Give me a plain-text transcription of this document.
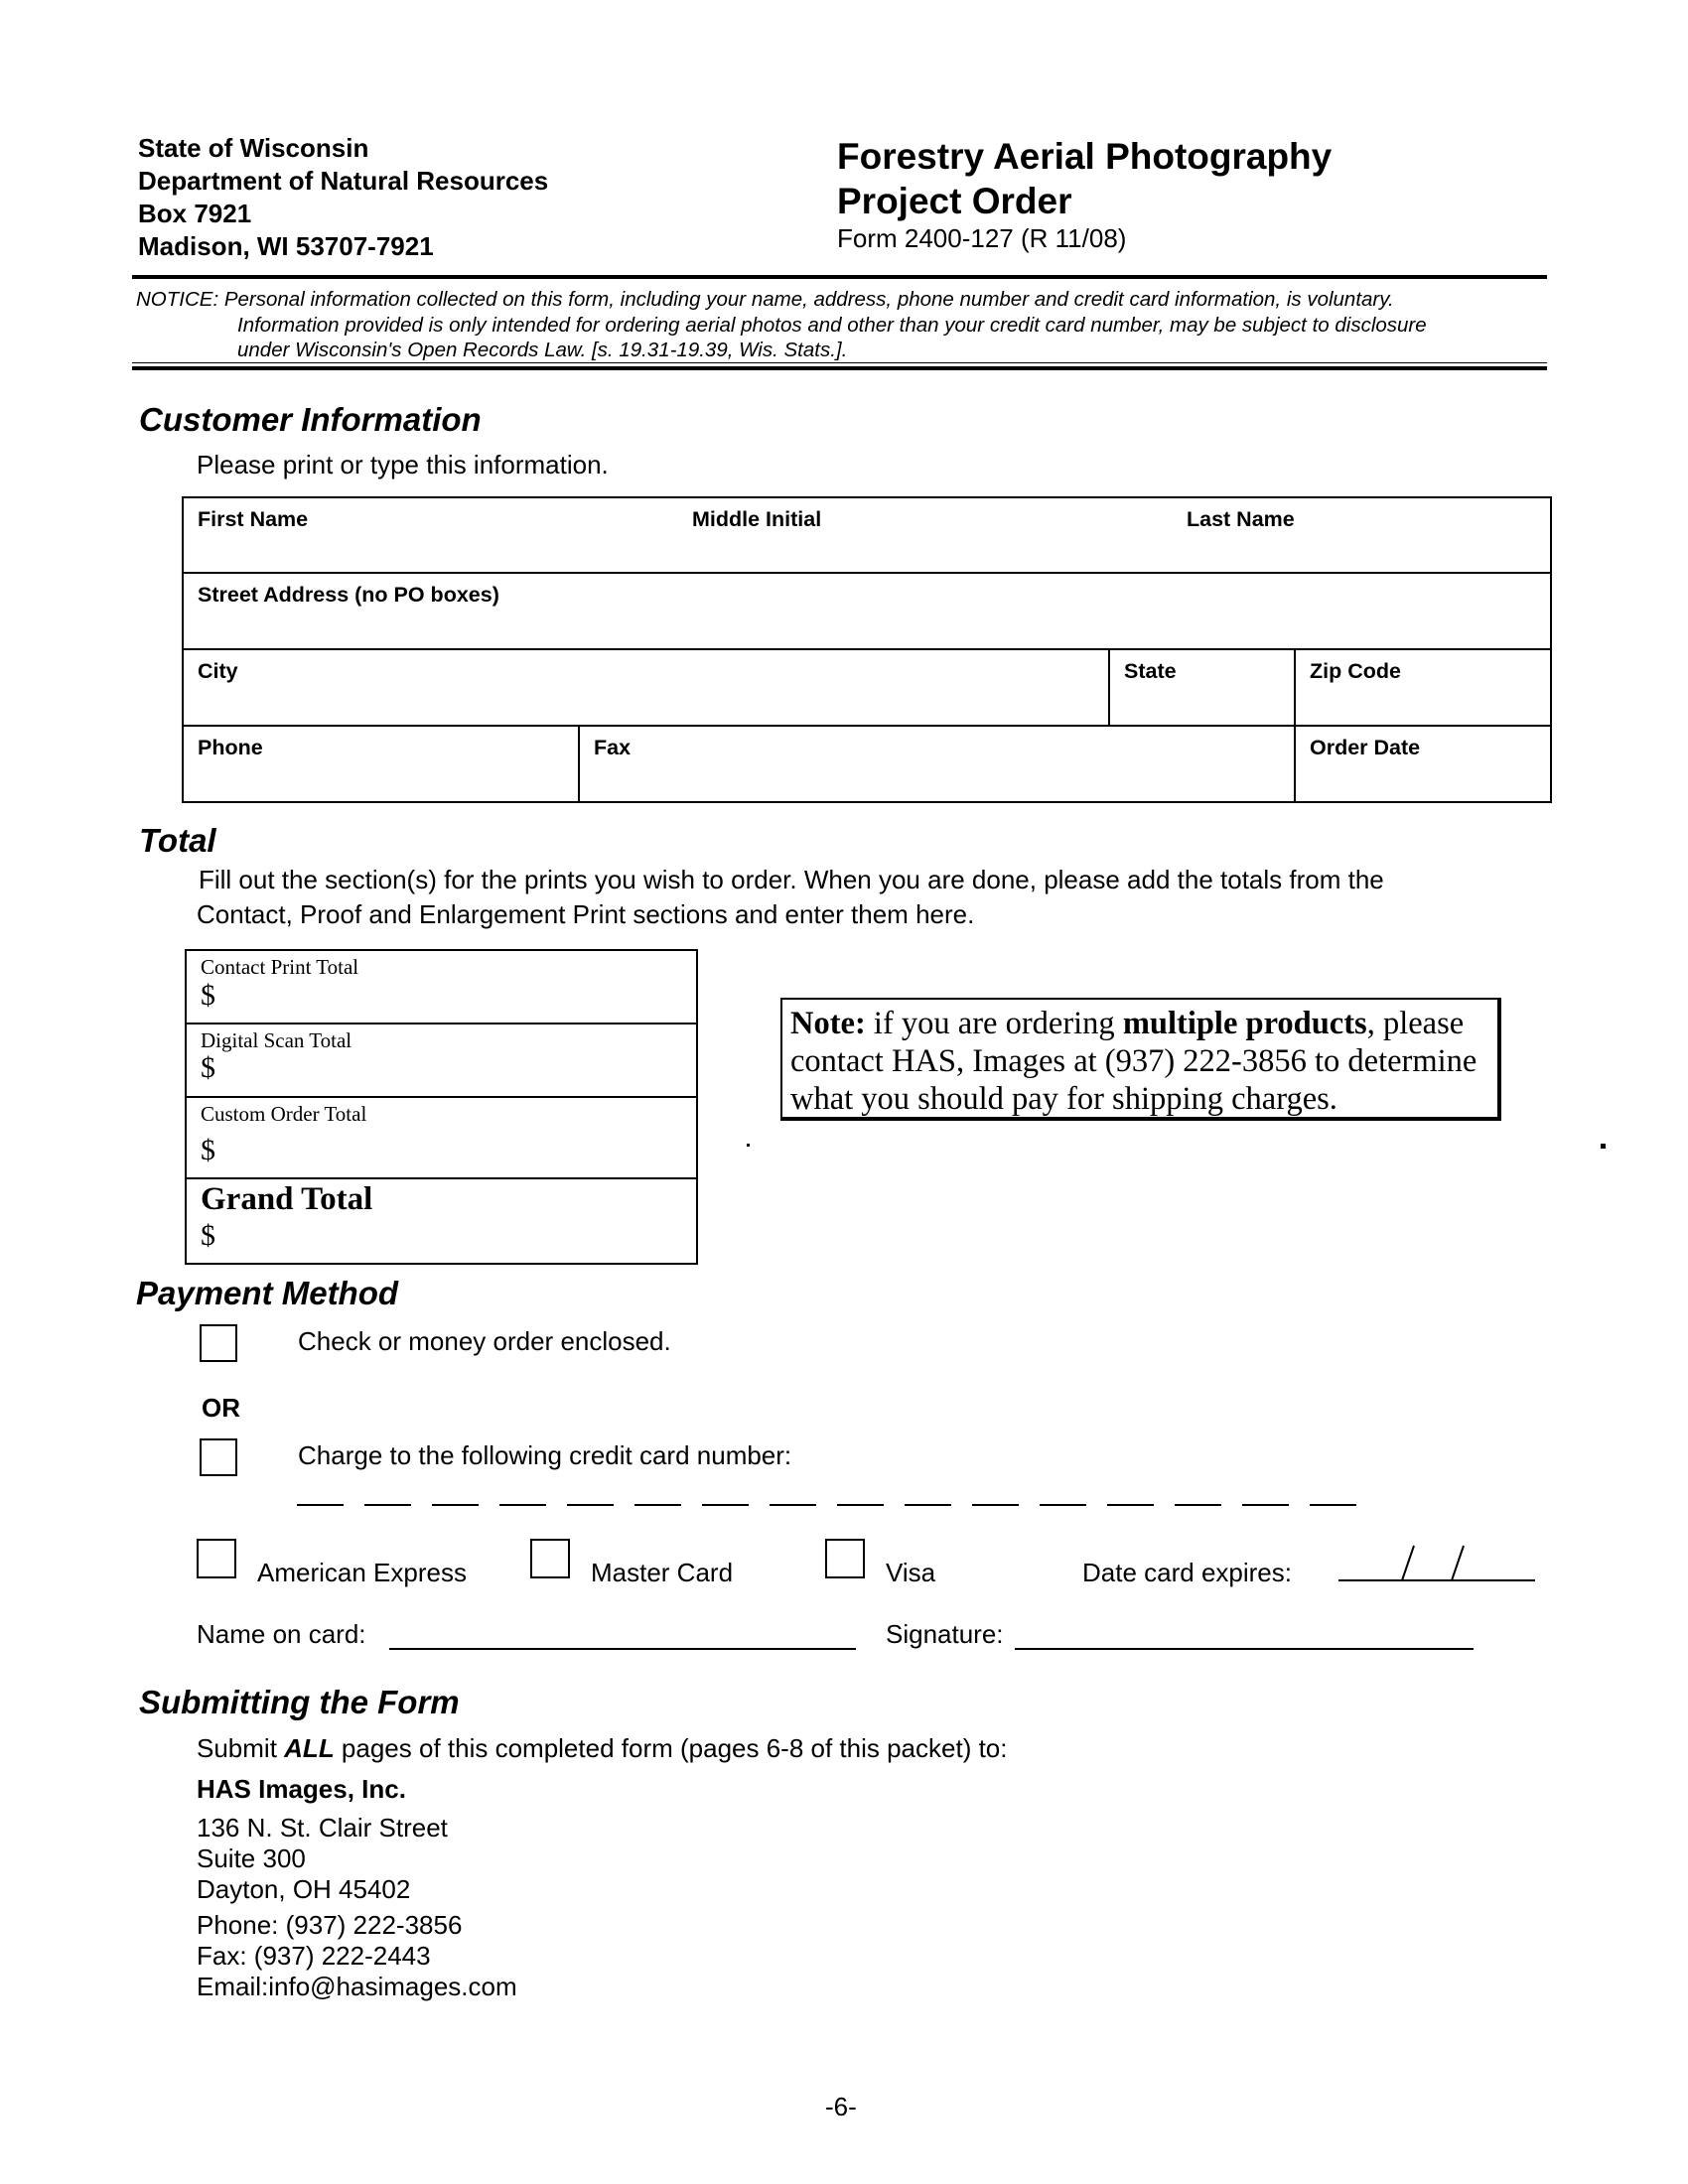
State of Wisconsin
Department of Natural Resources
Box 7921
Madison, WI 53707-7921
Forestry Aerial Photography
Project Order
Form 2400-127 (R 11/08)
NOTICE: Personal information collected on this form, including your name, address, phone number and credit card information, is voluntary.
Information provided is only intended for ordering aerial photos and other than your credit card number, may be subject to disclosure
under Wisconsin's Open Records Law. [s. 19.31-19.39, Wis. Stats.].
Customer Information
Please print or type this information.
First Name	Middle Initial	Last Name
Street Address (no PO boxes)
City	State	Zip Code
Phone	Fax	Order Date
Total
Fill out the section(s) for the prints you wish to order. When you are done, please add the totals from the
Contact, Proof and Enlargement Print sections and enter them here.
Contact Print Total
$
Digital Scan Total
$
Custom Order Total
$
Grand Total
$
Note: if you are ordering multiple products, please contact HAS, Images at (937) 222-3856 to determine what you should pay for shipping charges.
Payment Method
Check or money order enclosed.
OR
Charge to the following credit card number:
American Express	Master Card	Visa	Date card expires:
Name on card:	Signature:
Submitting the Form
Submit ALL pages of this completed form (pages 6-8 of this packet) to:
HAS Images, Inc.
136 N. St. Clair Street
Suite 300
Dayton, OH 45402
Phone: (937) 222-3856
Fax: (937) 222-2443
Email:info@hasimages.com
-6-
